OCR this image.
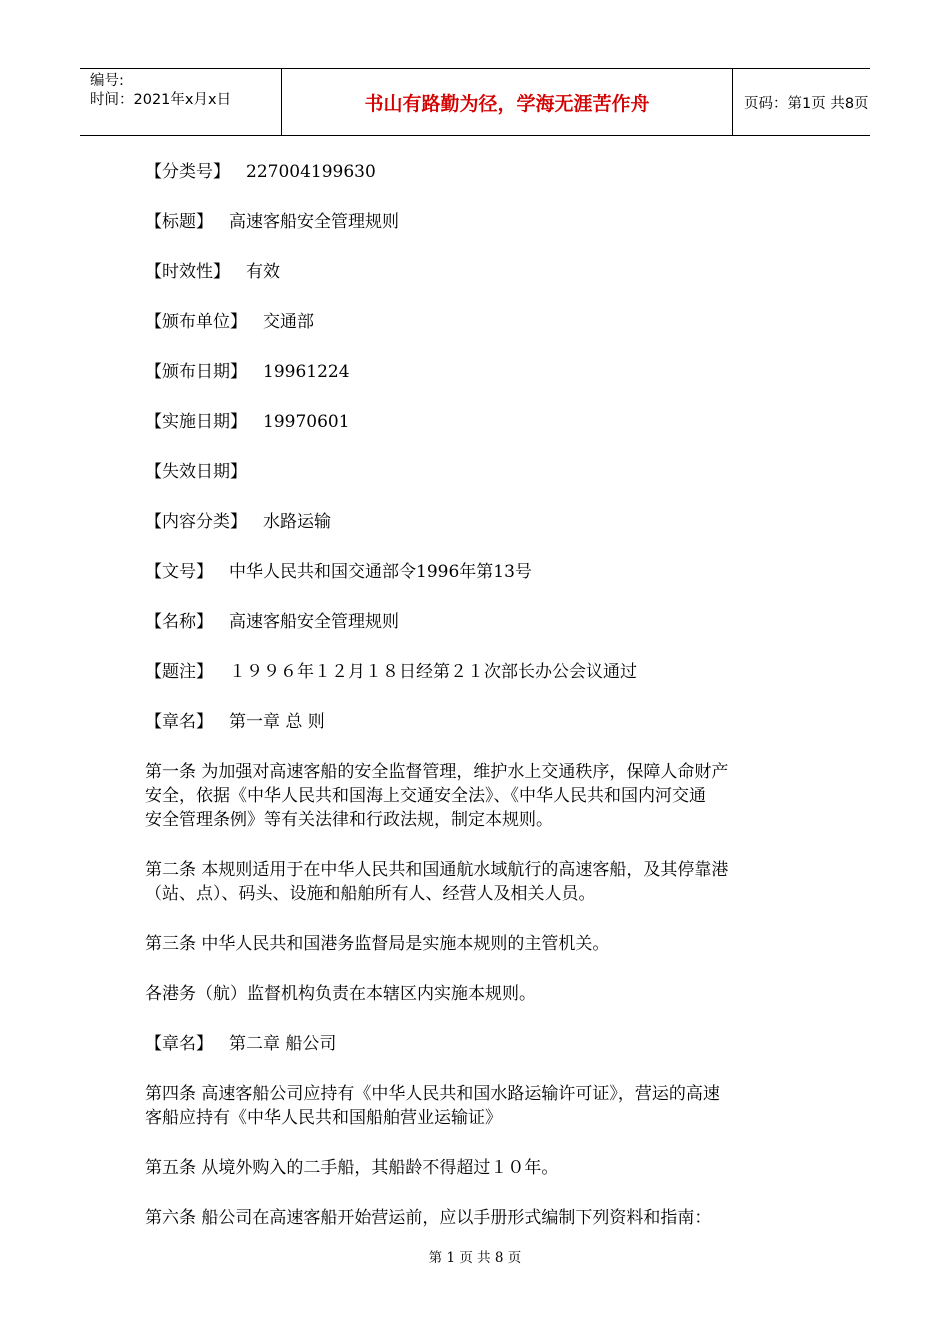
编号:
时间：2021年x月x日	书山有路勤为径，学海无涯苦作舟	页码：第1页 共8页
【分类号】 227004199630
【标题】 高速客船安全管理规则
【时效性】 有效
【颁布单位】 交通部
【颁布日期】 19961224
【实施日期】 19970601
【失效日期】
【内容分类】 水路运输
【文号】 中华人民共和国交通部令1996年第13号
【名称】 高速客船安全管理规则
【题注】 １９９６年１２月１８日经第２１次部长办公会议通过
【章名】 第一章 总 则
第一条 为加强对高速客船的安全监督管理，维护水上交通秩序，保障人命财产
安全，依据《中华人民共和国海上交通安全法》、《中华人民共和国内河交通
安全管理条例》等有关法律和行政法规，制定本规则。
第二条 本规则适用于在中华人民共和国通航水域航行的高速客船，及其停靠港
（站、点）、码头、设施和船舶所有人、经营人及相关人员。
第三条 中华人民共和国港务监督局是实施本规则的主管机关。
各港务（航）监督机构负责在本辖区内实施本规则。
【章名】 第二章 船公司
第四条 高速客船公司应持有《中华人民共和国水路运输许可证》，营运的高速
客船应持有《中华人民共和国船舶营业运输证》
第五条 从境外购入的二手船，其船龄不得超过１０年。
第六条 船公司在高速客船开始营运前，应以手册形式编制下列资料和指南：
第 1 页 共 8 页
